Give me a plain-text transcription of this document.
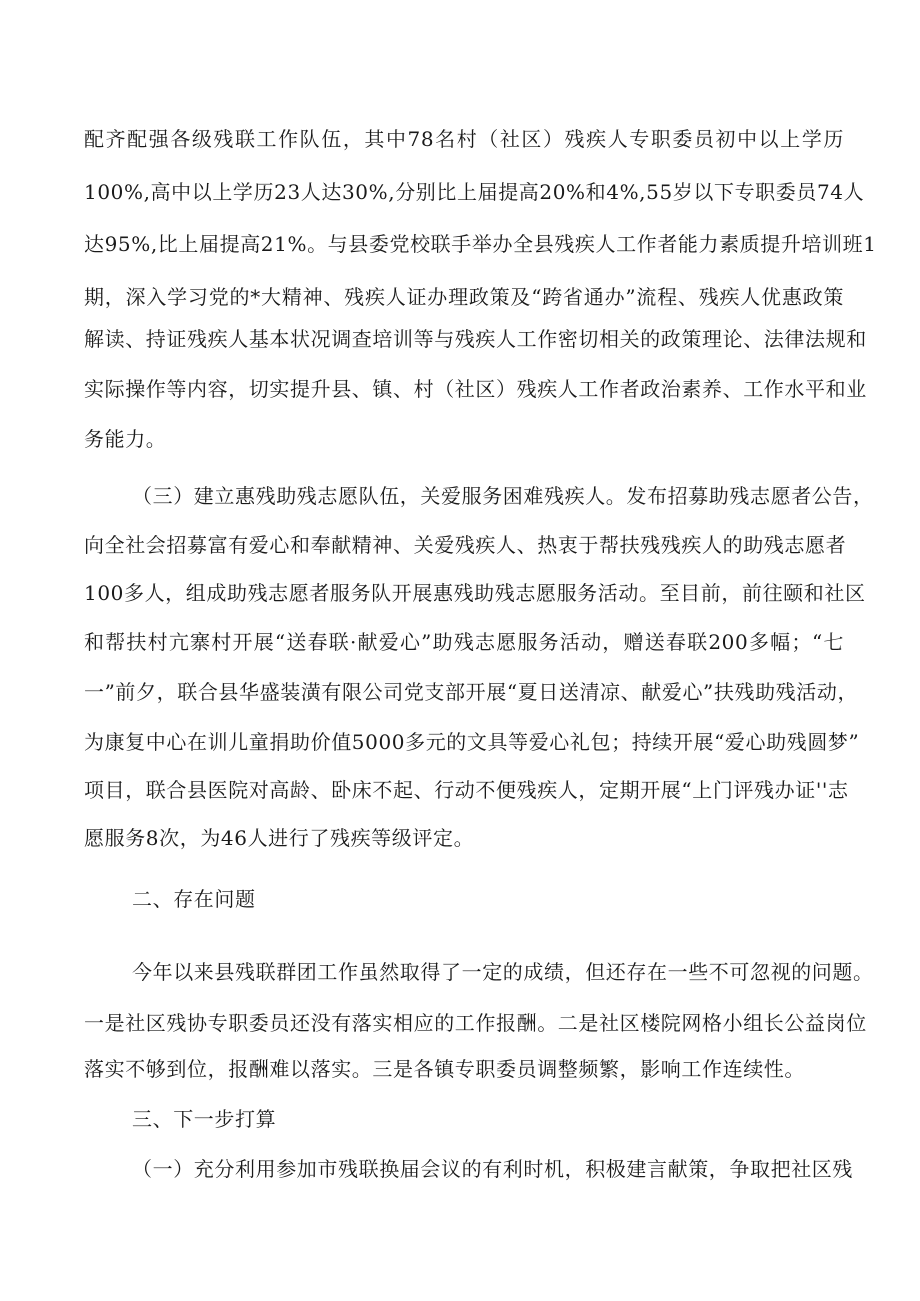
配齐配强各级残联工作队伍，其中78名村（社区）残疾人专职委员初中以上学历
100%,高中以上学历23人达30%,分别比上届提高20%和4%,55岁以下专职委员74人
达95%,比上届提高21%。与县委党校联手举办全县残疾人工作者能力素质提升培训班1
期，深入学习党的*大精神、残疾人证办理政策及“跨省通办”流程、残疾人优惠政策
解读、持证残疾人基本状况调查培训等与残疾人工作密切相关的政策理论、法律法规和
实际操作等内容，切实提升县、镇、村（社区）残疾人工作者政治素养、工作水平和业
务能力。
（三）建立惠残助残志愿队伍，关爱服务困难残疾人。发布招募助残志愿者公告，
向全社会招募富有爱心和奉献精神、关爱残疾人、热衷于帮扶残残疾人的助残志愿者
100多人，组成助残志愿者服务队开展惠残助残志愿服务活动。至目前，前往颐和社区
和帮扶村亢寨村开展“送春联·献爱心”助残志愿服务活动，赠送春联200多幅；“七
一”前夕，联合县华盛装潢有限公司党支部开展“夏日送清凉、献爱心”扶残助残活动，
为康复中心在训儿童捐助价值5000多元的文具等爱心礼包；持续开展“爱心助残圆梦”
项目，联合县医院对高龄、卧床不起、行动不便残疾人，定期开展“上门评残办证''志
愿服务8次，为46人进行了残疾等级评定。
二、存在问题
今年以来县残联群团工作虽然取得了一定的成绩，但还存在一些不可忽视的问题。
一是社区残协专职委员还没有落实相应的工作报酬。二是社区楼院网格小组长公益岗位
落实不够到位，报酬难以落实。三是各镇专职委员调整频繁，影响工作连续性。
三、下一步打算
（一）充分利用参加市残联换届会议的有利时机，积极建言献策，争取把社区残
